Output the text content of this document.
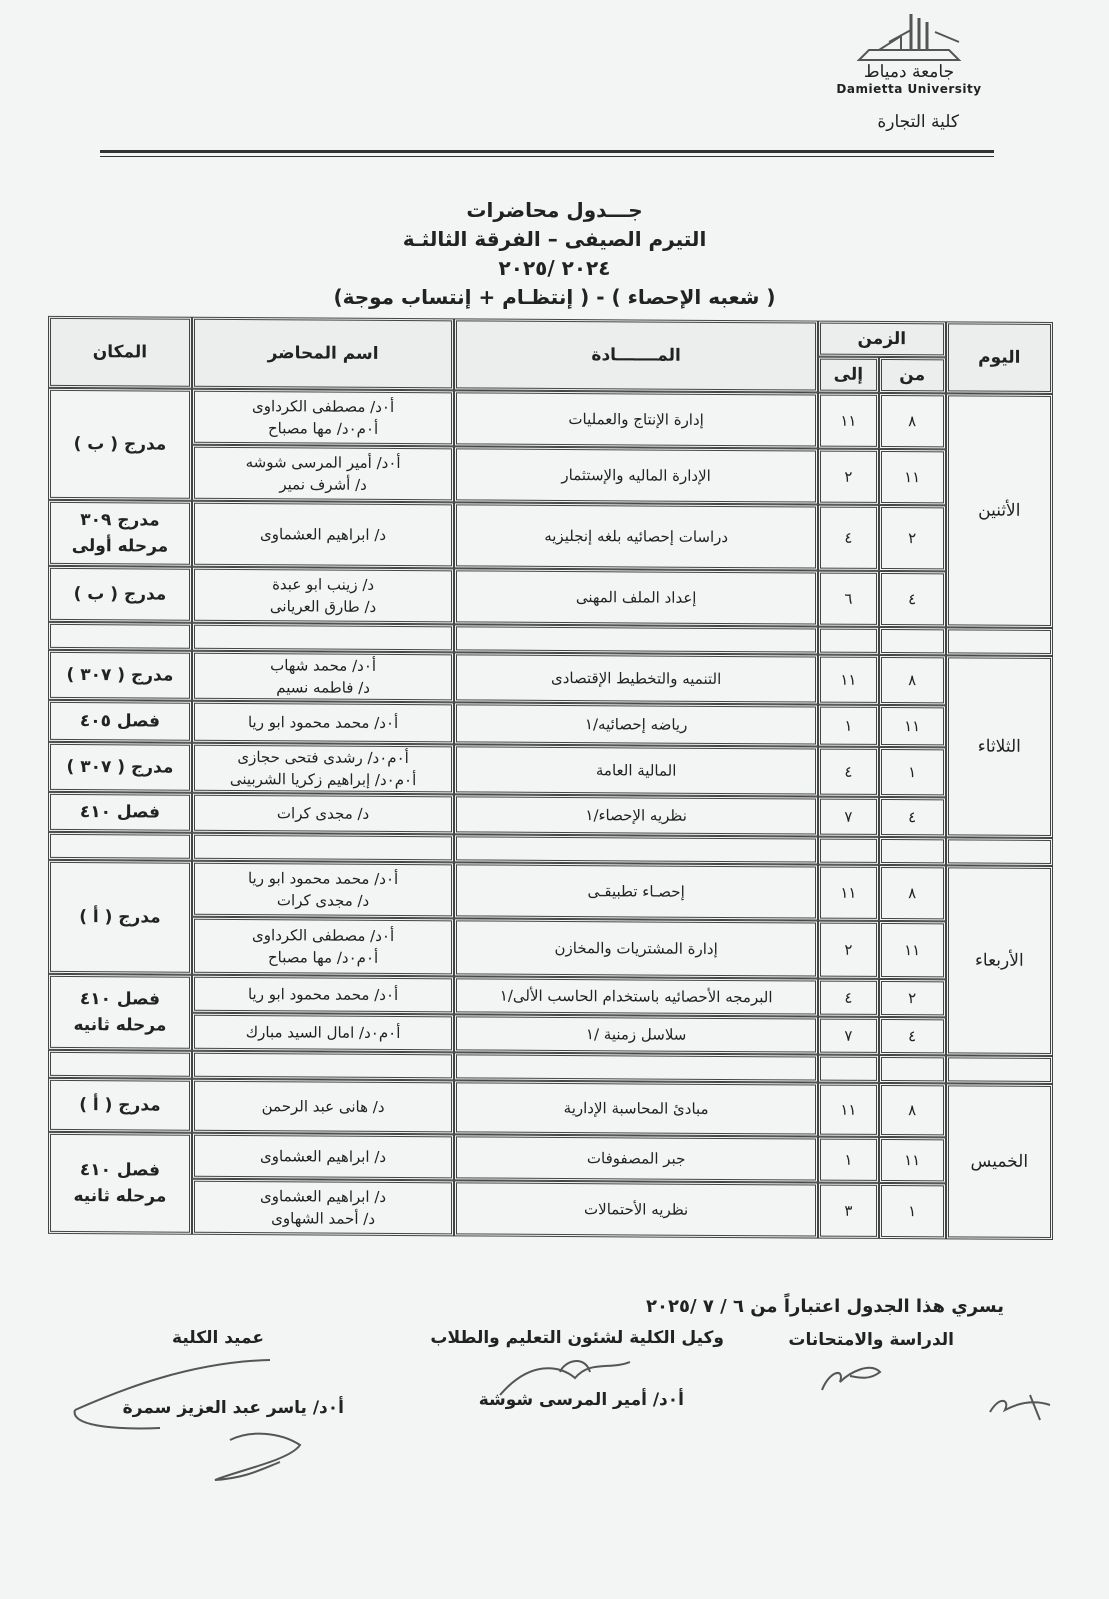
جامعة دمياط
Damietta University
كلية التجارة
جـــدول محاضرات
التيرم الصيفى – الفرقة الثالثـة
٢٠٢٤ /٢٠٢٥
( شعبه الإحصاء ) - ( إنتظـام + إنتساب موجة)
اليوم	الزمن		المـــــــادة	اسم المحاضر	المكان
	من	إلى			
الأثنين	٨	١١	إدارة الإنتاج والعمليات	أ٠د/ مصطفى الكرداوى
أ٠م٠د/ مها مصباح	مدرج ( ب )

	١١	٢	الإدارة الماليه والإستثمار	أ٠د/ أمير المرسى شوشه
د/ أشرف نمير	

	٢	٤	دراسات إحصائيه بلغه إنجليزيه	د/ ابراهيم العشماوى	مدرج ٣٠٩
مرحله أولى

	٤	٦	إعداد الملف المهنى	د/ زينب ابو عبدة
د/ طارق العريانى	مدرج ( ب )

الثلاثاء	٨	١١	التنميه والتخطيط الإقتصادى	أ٠د/ محمد شهاب
د/ فاطمه نسيم	مدرج ( ٣٠٧ )

	١١	١	رياضه إحصائيه/١	أ٠د/ محمد محمود ابو ريا	فصل ٤٠٥

	١	٤	المالية العامة	أ٠م٠د/ رشدى فتحى حجازى
أ٠م٠د/ إبراهيم زكريا الشربينى	مدرج ( ٣٠٧ )

	٤	٧	نظريه الإحصاء/١	د/ مجدى كرات	فصل ٤١٠

الأربعاء	٨	١١	إحصـاء تطبيقـى	أ٠د/ محمد محمود ابو ريا
د/ مجدى كرات	مدرج ( أ )

	١١	٢	إدارة المشتريات والمخازن	أ٠د/ مصطفى الكرداوى
أ٠م٠د/ مها مصباح	

	٢	٤	البرمجه الأحصائيه باستخدام الحاسب الألى/١	أ٠د/ محمد محمود ابو ريا	فصل ٤١٠
مرحله ثانيه

	٤	٧	سلاسل زمنية /١	أ٠م٠د/ امال السيد مبارك	

الخميس	٨	١١	مبادئ المحاسبة الإدارية	د/ هانى عبد الرحمن	مدرج ( أ )

	١١	١	جبر المصفوفات	د/ ابراهيم العشماوى	فصل ٤١٠
مرحله ثانيه

	١	٣	نظريه الأحتمالات	د/ ابراهيم العشماوى
د/ أحمد الشهاوى	
يسري هذا الجدول اعتباراً من ٦ / ٧ /٢٠٢٥
الدراسة والامتحانات
وكيل الكلية لشئون التعليم والطلاب
أ٠د/ أمير المرسى شوشة
عميد الكلية
أ٠د/ ياسر عبد العزيز سمرة
